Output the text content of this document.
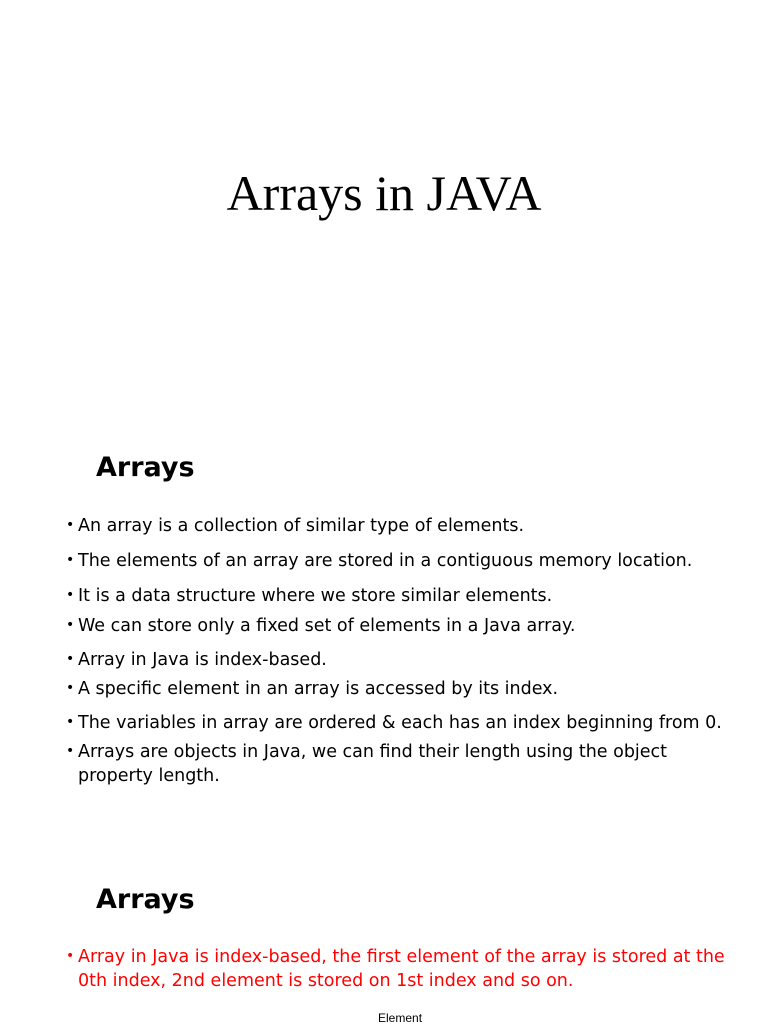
Arrays in JAVA
Arrays
• An array is a collection of similar type of elements.
• The elements of an array are stored in a contiguous memory location.
• It is a data structure where we store similar elements.
• We can store only a fixed set of elements in a Java array.
• Array in Java is index-based.
• A specific element in an array is accessed by its index.
• The variables in array are ordered & each has an index beginning from 0.
• Arrays are objects in Java, we can find their length using the object property length.
Arrays
• Array in Java is index-based, the first element of the array is stored at the 0th index, 2nd element is stored on 1st index and so on.
Element
